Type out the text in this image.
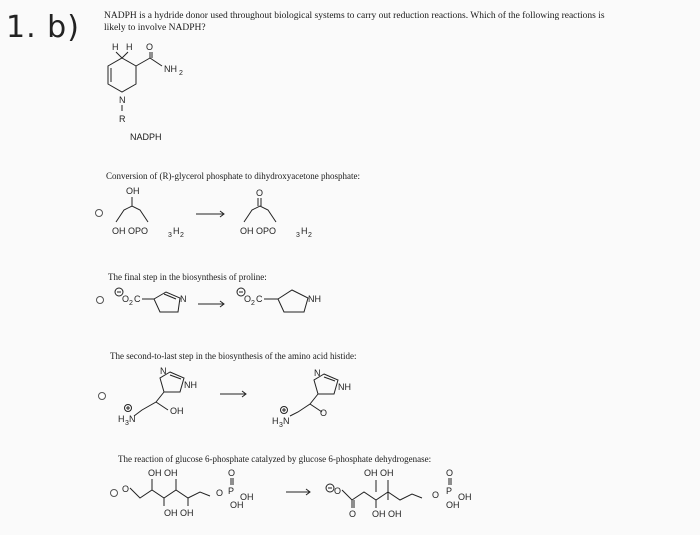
1. b)	NADPH is a hydride donor used throughout biological systems to carry out reduction reactions. Which of the following reactions is
likely to involve NADPH?
H H O
NH 2
N
R
NADPH
Conversion of (R)-glycerol phosphate to dihydroxyacetone phosphate:
OH
OH OPO	3 H 2
O
OH OPO	3 H 2
The final step in the biosynthesis of proline:
O 2 C	N	O 2 C	NH
The second-to-last step in the biosynthesis of the amino acid histide:
N
NH
OH
H 3 N
N
NH
O
H 3 N
The reaction of glucose 6-phosphate catalyzed by glucose 6-phosphate dehydrogenase:
OH OH
O
OH OH
O
O P
OH
OH
O
O
OH OH
OH OH
O
O P
OH
OH
